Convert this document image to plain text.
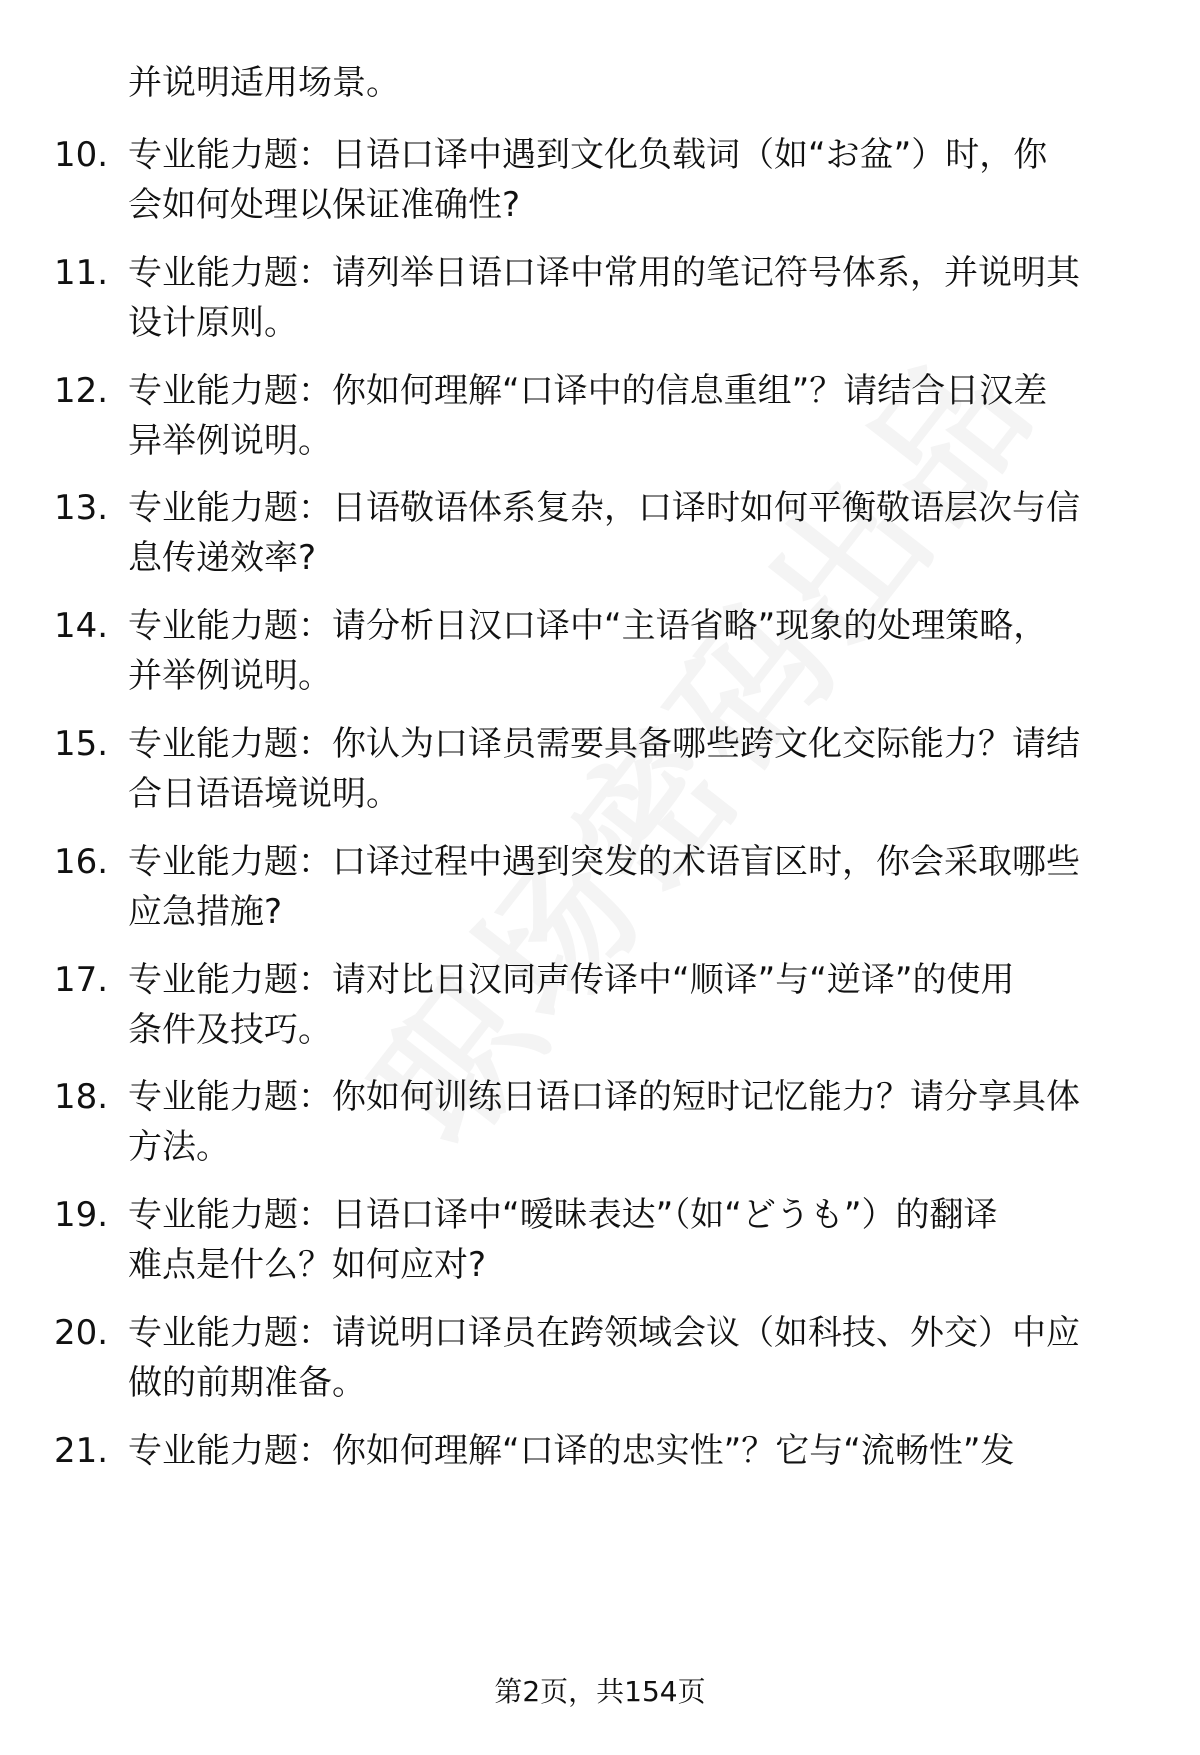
并说明适用场景。
10. 专业能力题：日语口译中遇到文化负载词（如“お盆”）时，你
会如何处理以保证准确性?
11. 专业能力题：请列举日语口译中常用的笔记符号体系，并说明其
设计原则。
12. 专业能力题：你如何理解“口译中的信息重组”？请结合日汉差
异举例说明。
13. 专业能力题：日语敬语体系复杂，口译时如何平衡敬语层次与信
息传递效率?
14. 专业能力题：请分析日汉口译中“主语省略”现象的处理策略，
并举例说明。
15. 专业能力题：你认为口译员需要具备哪些跨文化交际能力？请结
合日语语境说明。
16. 专业能力题：口译过程中遇到突发的术语盲区时，你会采取哪些
应急措施?
17. 专业能力题：请对比日汉同声传译中“顺译”与“逆译”的使用
条件及技巧。
18. 专业能力题：你如何训练日语口译的短时记忆能力？请分享具体
方法。
19. 专业能力题：日语口译中“暧昧表达”（如“どうも”）的翻译
难点是什么？如何应对?
20. 专业能力题：请说明口译员在跨领域会议（如科技、外交）中应
做的前期准备。
21. 专业能力题：你如何理解“口译的忠实性”？它与“流畅性”发
第2页，共154页
